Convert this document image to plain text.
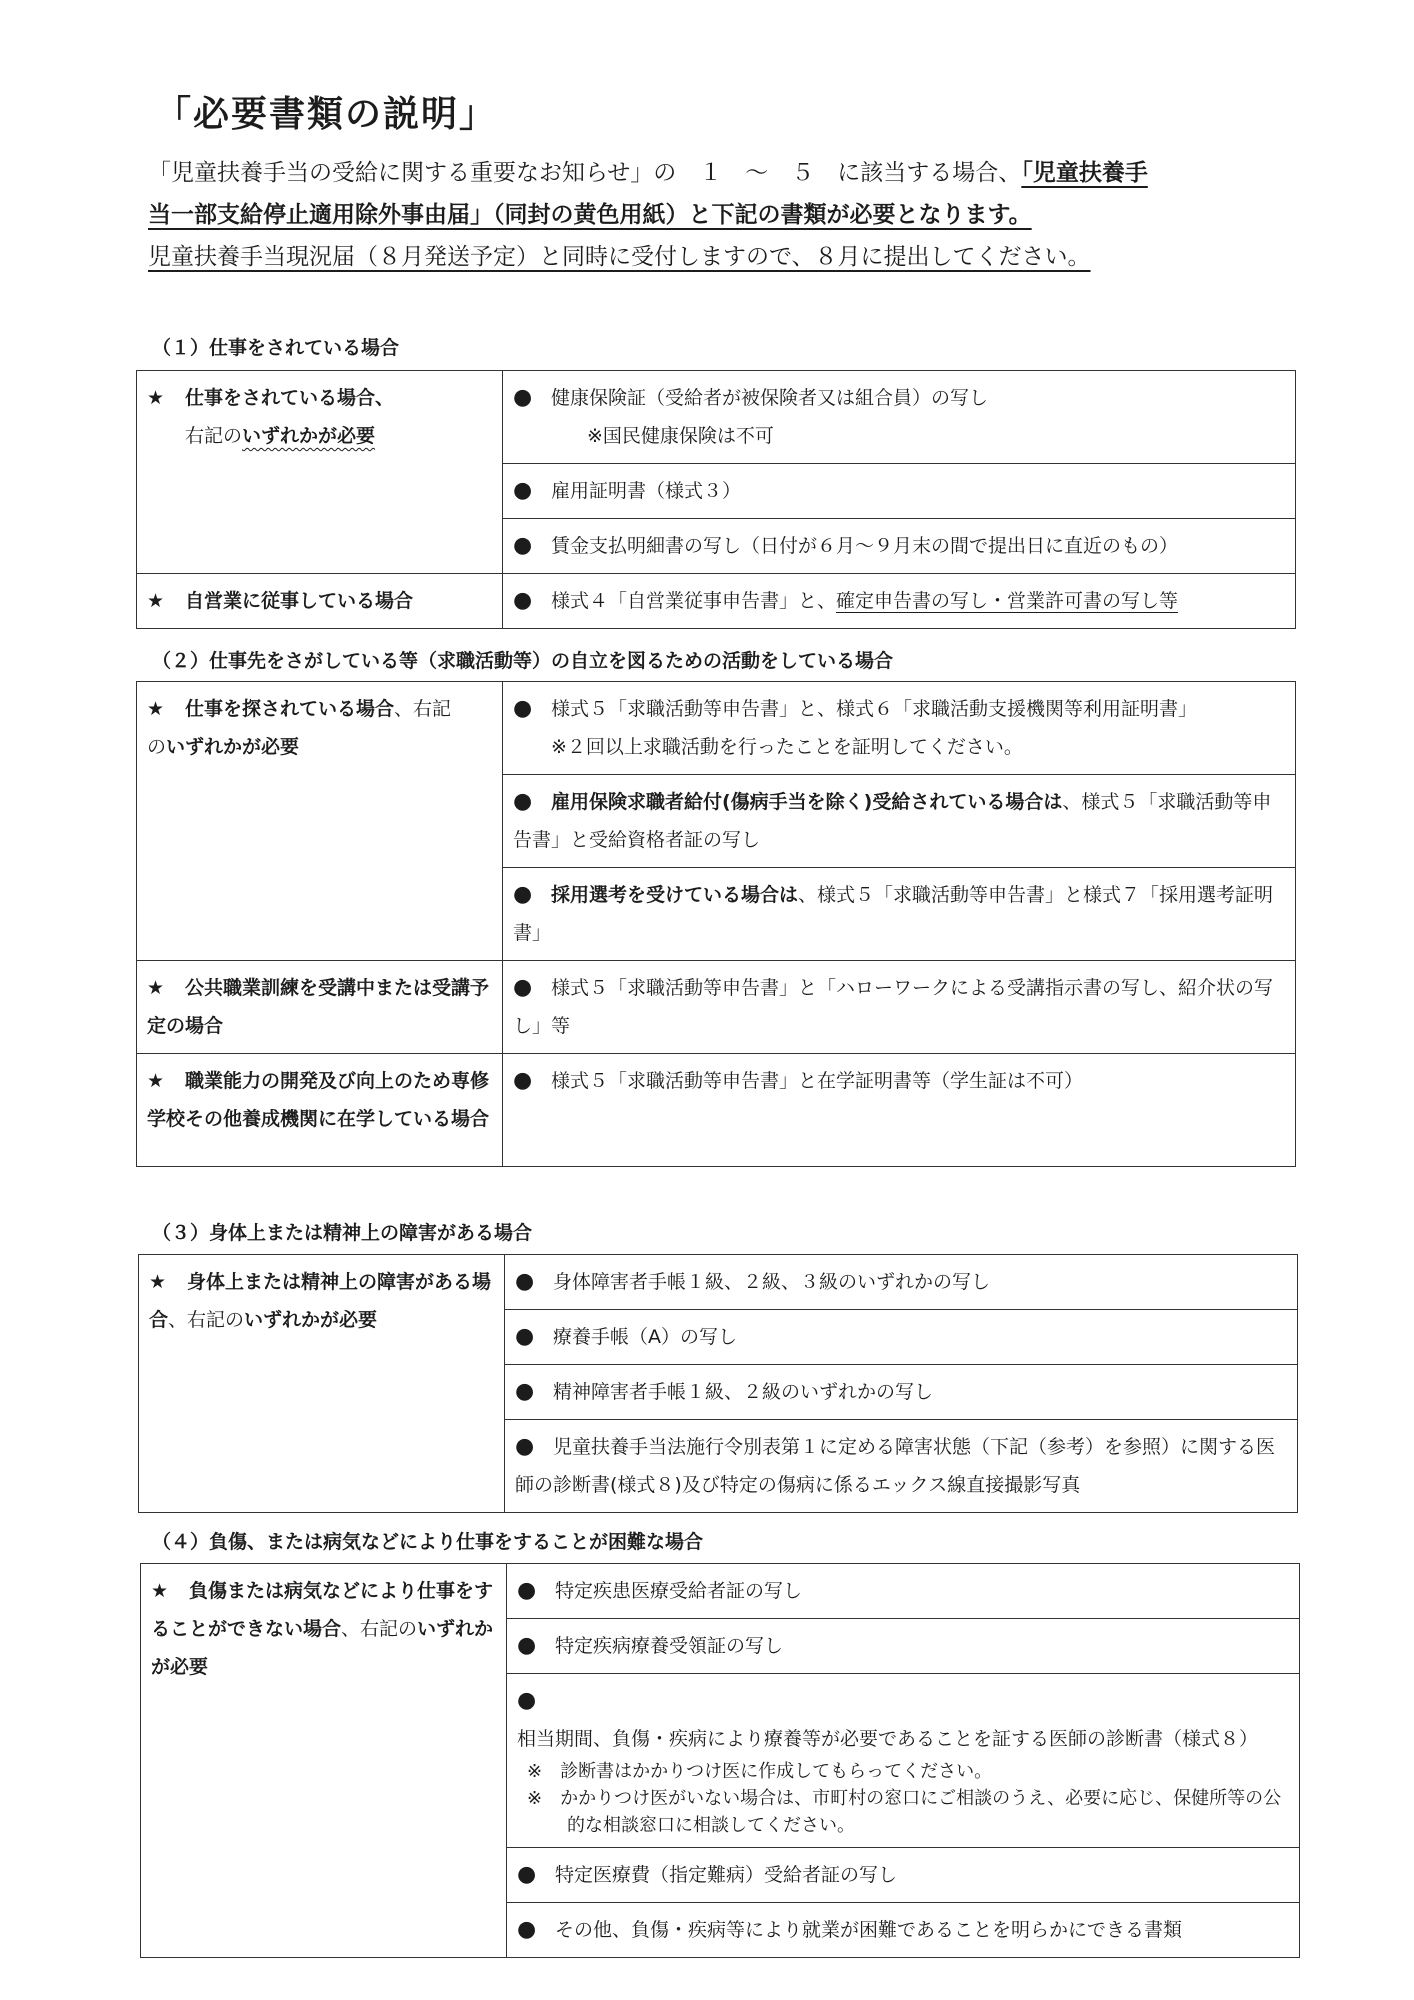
「必要書類の説明」

「児童扶養手当の受給に関する重要なお知らせ」の　１　～　５　に該当する場合、「児童扶養手

当一部支給停止適用除外事由届」（同封の黄色用紙）と下記の書類が必要となります。

児童扶養手当現況届（８月発送予定）と同時に受付しますので、８月に提出してください。

（１）仕事をされている場合
★ 仕事をされている場合、
右記のいずれかが必要	● 健康保険証（受給者が被保険者又は組合員）の写し
※国民健康保険は不可
	● 雇用証明書（様式３）
	● 賃金支払明細書の写し（日付が６月～９月末の間で提出日に直近のもの）
★ 自営業に従事している場合	● 様式４「自営業従事申告書」と、確定申告書の写し・営業許可書の写し等
（２）仕事先をさがしている等（求職活動等）の自立を図るための活動をしている場合
★ 仕事を探されている場合、右記
のいずれかが必要	● 様式５「求職活動等申告書」と、様式６「求職活動支援機関等利用証明書」
※２回以上求職活動を行ったことを証明してください。
	● 雇用保険求職者給付(傷病手当を除く)受給されている場合は、様式５「求職活動等申告書」と受給資格者証の写し
	● 採用選考を受けている場合は、様式５「求職活動等申告書」と様式７「採用選考証明書」
★ 公共職業訓練を受講中または受講予定の場合	● 様式５「求職活動等申告書」と「ハローワークによる受講指示書の写し、紹介状の写し」等
★ 職業能力の開発及び向上のため専修学校その他養成機関に在学している場合	● 様式５「求職活動等申告書」と在学証明書等（学生証は不可）
（３）身体上または精神上の障害がある場合
★ 身体上または精神上の障害がある場合、右記のいずれかが必要	● 身体障害者手帳１級、２級、３級のいずれかの写し
● 療養手帳（A）の写し
● 精神障害者手帳１級、２級のいずれかの写し
● 児童扶養手当法施行令別表第１に定める障害状態（下記（参考）を参照）に関する医師の診断書(様式８)及び特定の傷病に係るエックス線直接撮影写真
（４）負傷、または病気などにより仕事をすることが困難な場合
★ 負傷または病気などにより仕事をすることができない場合、右記のいずれかが必要	● 特定疾患医療受給者証の写し
● 特定疾病療養受領証の写し
●相当期間、負傷・疾病により療養等が必要であることを証する医師の診断書（様式８）
※　診断書はかかりつけ医に作成してもらってください。
※　かかりつけ医がいない場合は、市町村の窓口にご相談のうえ、必要に応じ、保健所等の公的な相談窓口に相談してください。

● 特定医療費（指定難病）受給者証の写し
● その他、負傷・疾病等により就業が困難であることを明らかにできる書類
